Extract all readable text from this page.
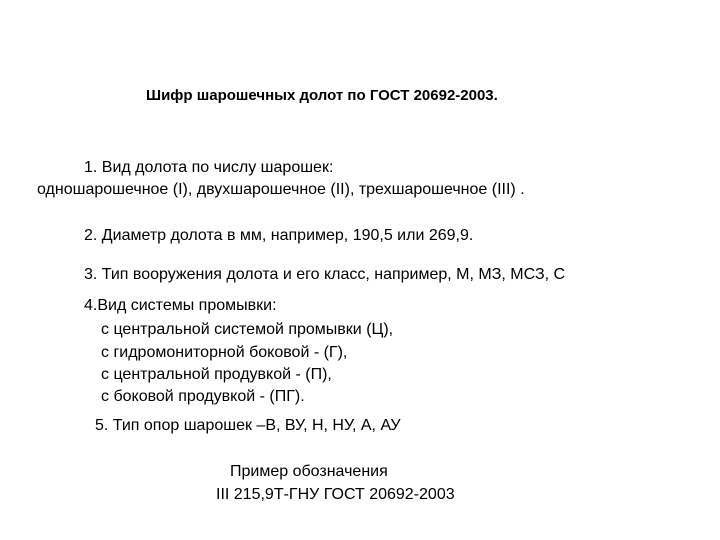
Шифр шарошечных долот по ГОСТ 20692-2003.
1. Вид долота по числу шарошек:
одношарошечное (I), двухшарошечное (II), трехшарошечное (III) .
2. Диаметр долота в мм, например, 190,5 или 269,9.
3. Тип вооружения долота и его класс, например, М, МЗ, МСЗ, С
4.Вид системы промывки:
с центральной системой промывки (Ц),
с гидромониторной боковой - (Г),
с центральной продувкой - (П),
с боковой продувкой - (ПГ).
5. Тип опор шарошек –В, ВУ, Н, НУ, А, АУ
Пример обозначения
III 215,9Т-ГНУ ГОСТ 20692-2003
